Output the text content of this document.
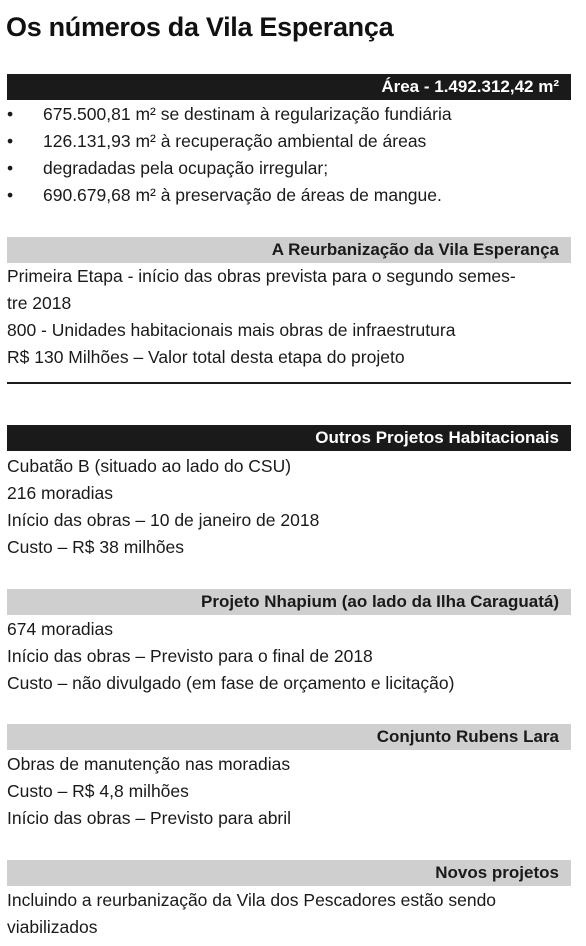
Os números da Vila Esperança
Área - 1.492.312,42 m²
• 675.500,81 m² se destinam à regularização fundiária
• 126.131,93 m² à recuperação ambiental de áreas
• degradadas pela ocupação irregular;
• 690.679,68 m² à preservação de áreas de mangue.
A Reurbanização da Vila Esperança

Primeira Etapa - início das obras prevista para o segundo semes-

tre 2018

800 - Unidades habitacionais mais obras de infraestrutura

R$ 130 Milhões – Valor total desta etapa do projeto

Outros Projetos Habitacionais

Cubatão B (situado ao lado do CSU)

216 moradias

Início das obras – 10 de janeiro de 2018

Custo – R$ 38 milhões

Projeto Nhapium (ao lado da Ilha Caraguatá)

674 moradias

Início das obras – Previsto para o final de 2018

Custo – não divulgado (em fase de orçamento e licitação)

Conjunto Rubens Lara

Obras de manutenção nas moradias

Custo – R$ 4,8 milhões

Início das obras – Previsto para abril

Novos projetos

Incluindo a reurbanização da Vila dos Pescadores estão sendo

viabilizados
